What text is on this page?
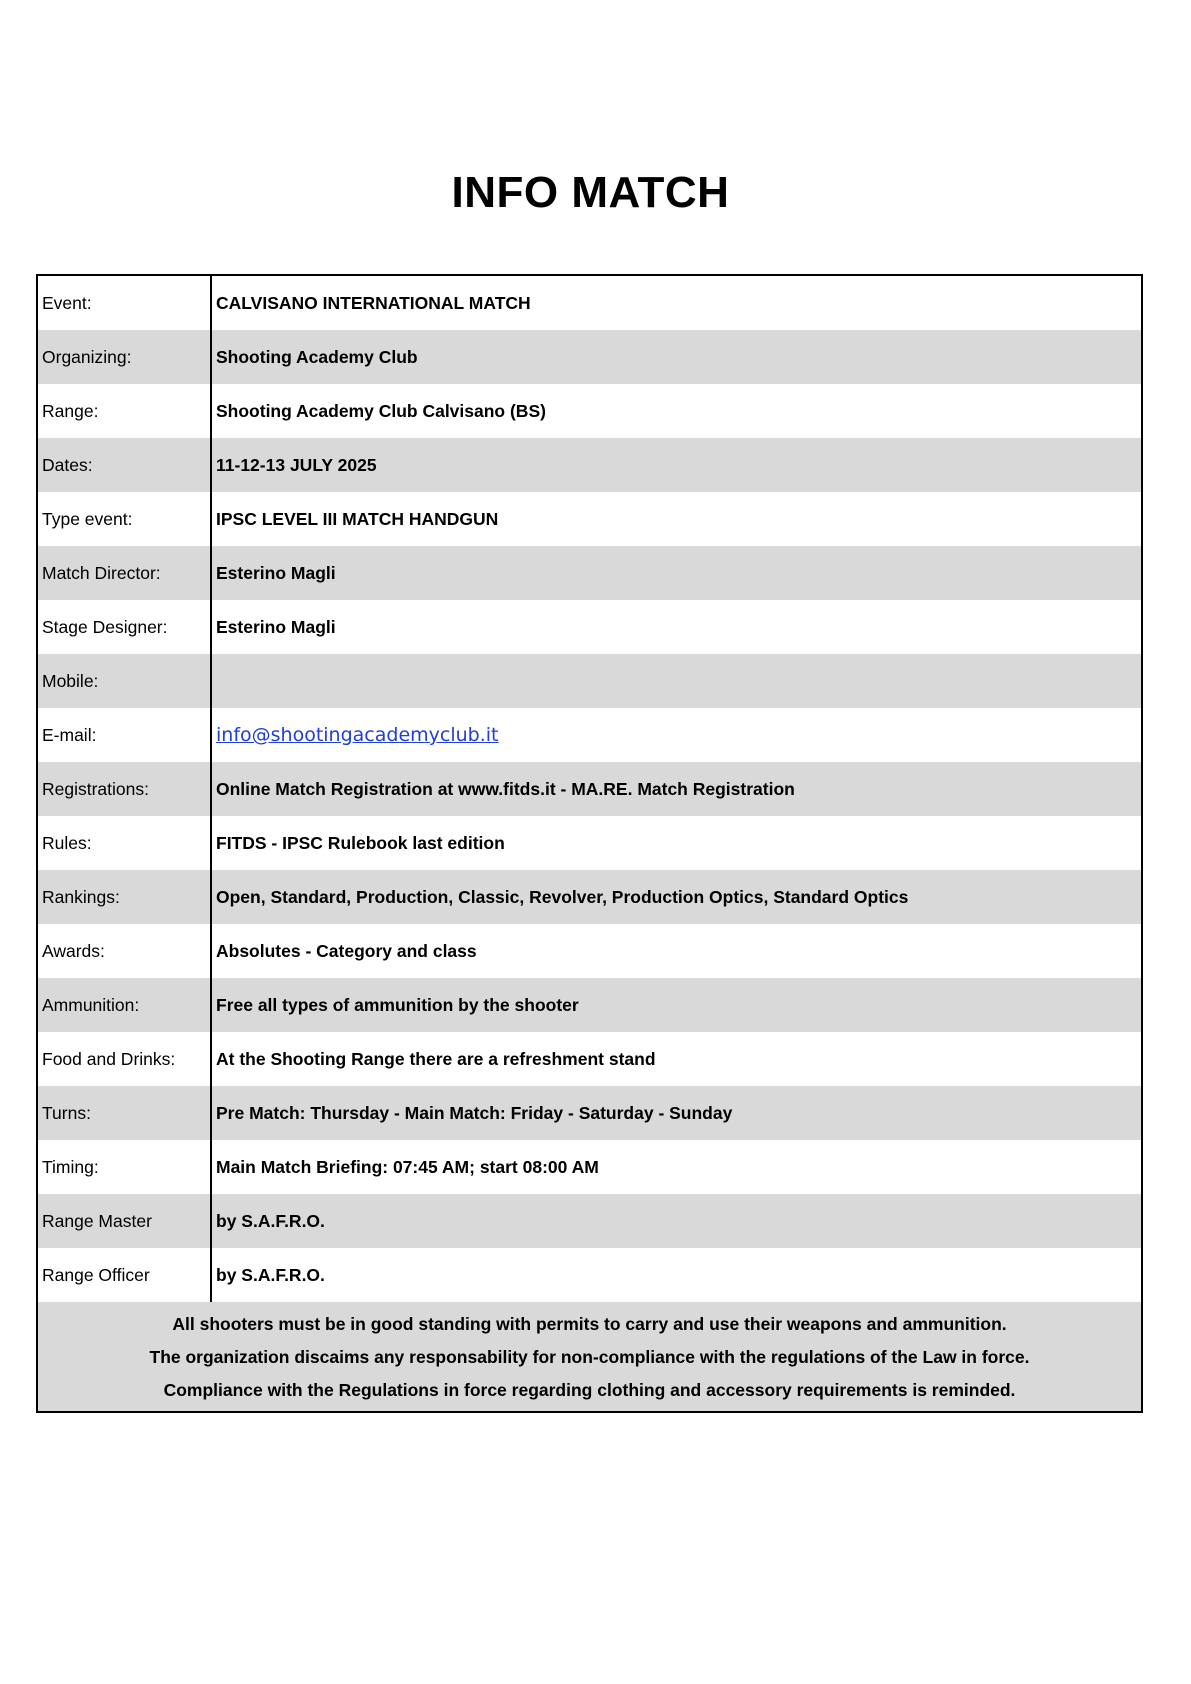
INFO MATCH
Event:	CALVISANO INTERNATIONAL MATCH
Organizing:	Shooting Academy Club
Range:	Shooting Academy Club Calvisano (BS)
Dates:	11-12-13 JULY 2025
Type event:	IPSC LEVEL III MATCH HANDGUN
Match Director:	Esterino Magli
Stage Designer:	Esterino Magli
Mobile:
E-mail:	info@shootingacademyclub.it
Registrations:	Online Match Registration at www.fitds.it - MA.RE. Match Registration
Rules:	FITDS - IPSC Rulebook last edition
Rankings:	Open, Standard, Production, Classic, Revolver, Production Optics, Standard Optics
Awards:	Absolutes - Category and class
Ammunition:	Free all types of ammunition by the shooter
Food and Drinks:	At the Shooting Range there are a refreshment stand
Turns:	Pre Match: Thursday - Main Match: Friday - Saturday - Sunday
Timing:	Main Match Briefing: 07:45 AM; start 08:00 AM
Range Master	by S.A.F.R.O.
Range Officer	by S.A.F.R.O.
All shooters must be in good standing with permits to carry and use their weapons and ammunition.
The organization discaims any responsability for non-compliance with the regulations of the Law in force.
Compliance with the Regulations in force regarding clothing and accessory requirements is reminded.
